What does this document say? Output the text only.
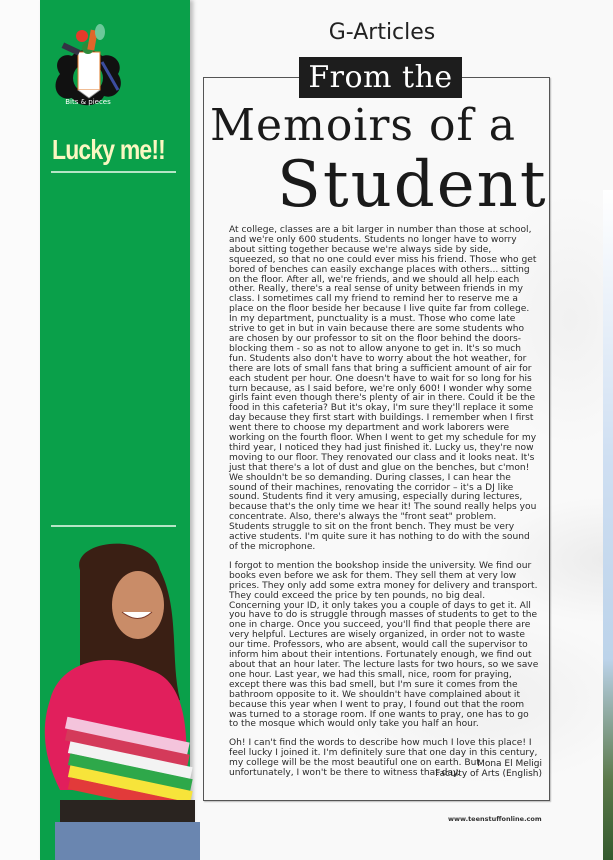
Bits & pieces
Lucky me!!
G-Articles
From the
Memoirs of a
Student

At college, classes are a bit larger in number than those at school, and we're only 600 students. Students no longer have to worry about sitting together because we're always side by side, squeezed, so that no one could ever miss his friend. Those who get bored of benches can easily exchange places with others... sitting on the floor. After all, we're friends, and we should all help each other. Really, there's a real sense of unity between friends in my class. I sometimes call my friend to remind her to reserve me a place on the floor beside her because I live quite far from college. In my department, punctuality is a must. Those who come late strive to get in but in vain because there are some students who are chosen by our professor to sit on the floor behind the doors- blocking them - so as not to allow anyone to get in. It's so much fun. Students also don't have to worry about the hot weather, for there are lots of small fans that bring a sufficient amount of air for each student per hour. One doesn't have to wait for so long for his turn because, as I said before, we're only 600! I wonder why some girls faint even though there's plenty of air in there. Could it be the food in this cafeteria? But it's okay, I'm sure they'll replace it some day because they first start with buildings. I remember when I first went there to choose my department and work laborers were working on the fourth floor. When I went to get my schedule for my third year, I noticed they had just finished it. Lucky us, they're now moving to our floor. They renovated our class and it looks neat. It's just that there's a lot of dust and glue on the benches, but c'mon! We shouldn't be so demanding. During classes, I can hear the sound of their machines, renovating the corridor – it's a DJ like sound. Students find it very amusing, especially during lectures, because that's the only time we hear it! The sound really helps you concentrate. Also, there's always the "front seat" problem. Students struggle to sit on the front bench. They must be very active students. I'm quite sure it has nothing to do with the sound of the microphone.

I forgot to mention the bookshop inside the university. We find our books even before we ask for them. They sell them at very low prices. They only add some extra money for delivery and transport. They could exceed the price by ten pounds, no big deal. Concerning your ID, it only takes you a couple of days to get it. All you have to do is struggle through masses of students to get to the one in charge. Once you succeed, you'll find that people there are very helpful. Lectures are wisely organized, in order not to waste our time. Professors, who are absent, would call the supervisor to inform him about their intentions. Fortunately enough, we find out about that an hour later. The lecture lasts for two hours, so we save one hour. Last year, we had this small, nice, room for praying, except there was this bad smell, but I'm sure it comes from the bathroom opposite to it. We shouldn't have complained about it because this year when I went to pray, I found out that the room was turned to a storage room. If one wants to pray, one has to go to the mosque which would only take you half an hour.

Oh! I can't find the words to describe how much I love this place! I feel lucky I joined it. I'm definitely sure that one day in this century, my college will be the most beautiful one on earth. But unfortunately, I won't be there to witness that day.

Mona El Meligi
Faculty of Arts (English)
www.teenstuffonline.com
